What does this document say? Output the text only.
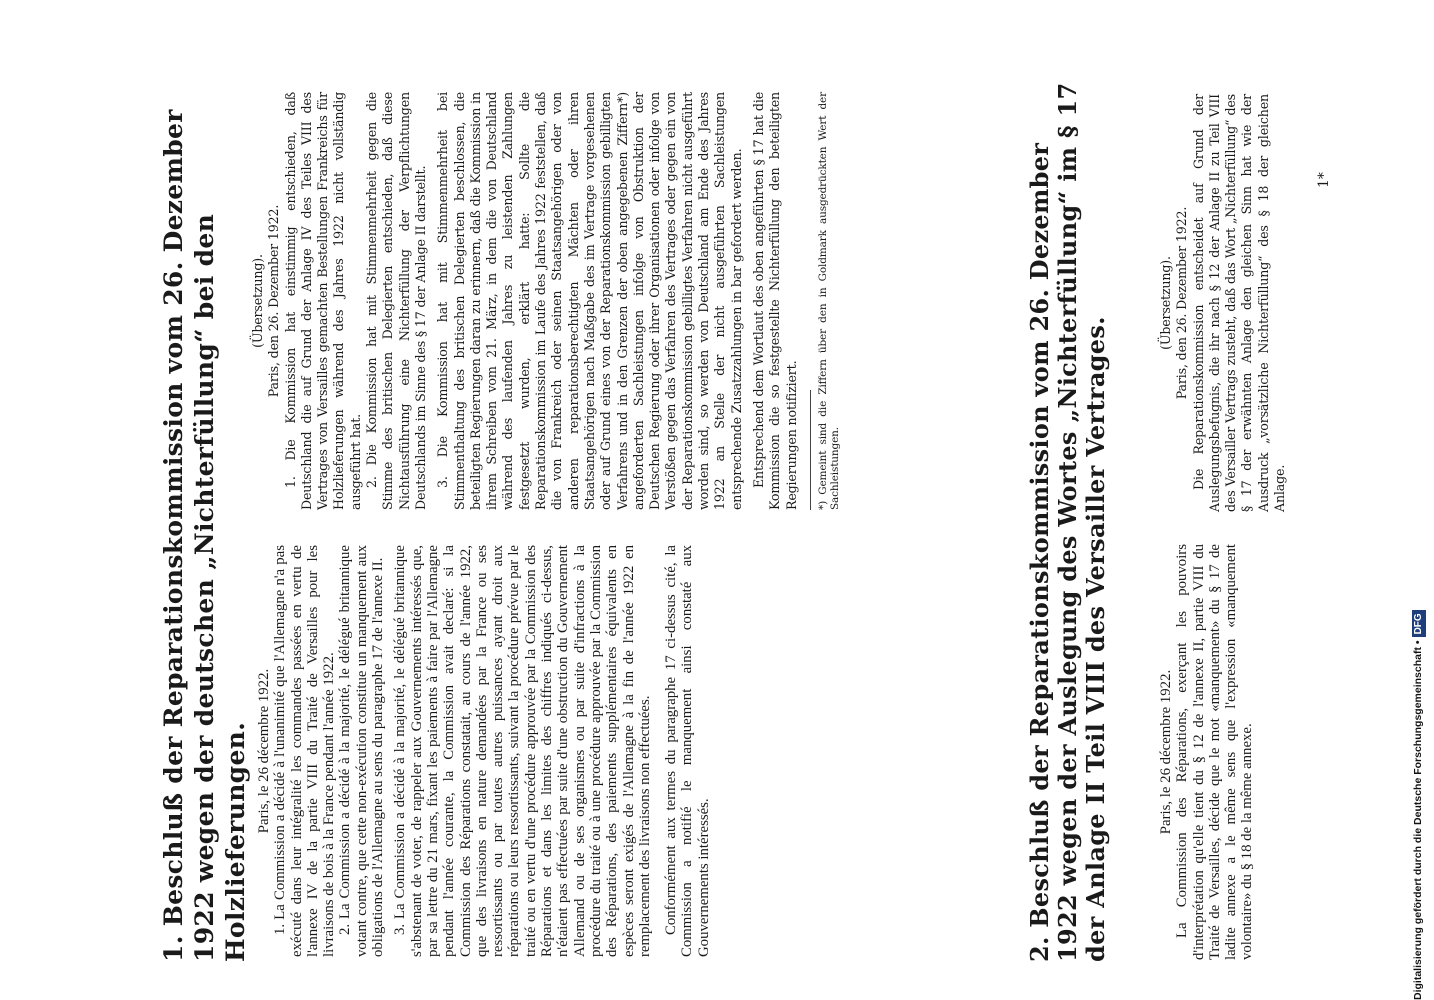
1. Beschluß der Reparationskommission vom 26. Dezember 1922 wegen der deutschen „Nichterfüllung“ bei den Holzlieferungen. Paris, le 26 décembre 1922. 1. La Commission a décidé à l'unanimité que l'Allemagne n'a pas exécuté dans leur intégralité les commandes passées en vertu de l'annexe IV de la partie VIII du Traité de Versailles pour les livraisons de bois à la France pendant l'année 1922. 2. La Commission a décidé à la majorité, le délégué britannique votant contre, que cette non-exécution constitue un manquement aux obligations de l'Allemagne au sens du paragraphe 17 de l'annexe II. 3. La Commission a décidé à la majorité, le délégué britannique s'abstenant de voter, de rappeler aux Gouvernements intéressés que, par sa lettre du 21 mars, fixant les paiements à faire par l'Allemagne pendant l'année courante, la Commission avait declaré: si la Commission des Réparations constatait, au cours de l'année 1922, que des livraisons en nature demandées par la France ou ses ressortissants ou par toutes autres puissances ayant droit aux réparations ou leurs ressortissants, suivant la procédure prévue par le traité ou en vertu d'une procédure approuvée par la Commission des Réparations et dans les limites des chiffres indiqués ci-dessus, n'étaient pas effectuées par suite d'une obstruction du Gouvernement Allemand ou de ses organismes ou par suite d'infractions à la procédure du traité ou à une procédure approuvée par la Commission des Réparations, des paiements supplémentaires équivalents en espèces seront exigés de l'Allemagne à la fin de l'année 1922 en remplacement des livraisons non effectuées. Conformément aux termes du paragraphe 17 ci-dessus cité, la Commission a notifié le manquement ainsi constaté aux Gouvernements intéressés.

(Übersetzung). Paris, den 26. Dezember 1922. 1. Die Kommission hat einstimmig entschieden, daß Deutschland die auf Grund der Anlage IV des Teiles VIII des Vertrages von Versailles gemachten Bestellungen Frankreichs für Holzlieferungen während des Jahres 1922 nicht vollständig ausgeführt hat. 2. Die Kommission hat mit Stimmenmehrheit gegen die Stimme des britischen Delegierten entschieden, daß diese Nichtausführung eine Nichterfüllung der Verpflichtungen Deutschlands im Sinne des § 17 der Anlage II darstellt. 3. Die Kommission hat mit Stimmenmehrheit bei Stimmenthaltung des britischen Delegierten beschlossen, die beteiligten Regierungen daran zu erinnern, daß die Kommission in ihrem Schreiben vom 21. März, in dem die von Deutschland während des laufenden Jahres zu leistenden Zahlungen festgesetzt wurden, erklärt hatte: Sollte die Reparationskommission im Laufe des Jahres 1922 feststellen, daß die von Frankreich oder seinen Staatsangehörigen oder von anderen reparationsberechtigten Mächten oder ihren Staatsangehörigen nach Maßgabe des im Vertrage vorgesehenen oder auf Grund eines von der Reparationskommission gebilligten Verfahrens und in den Grenzen der oben angegebenen Ziffern*) angeforderten Sachleistungen infolge von Obstruktion der Deutschen Regierung oder ihrer Organisationen oder infolge von Verstößen gegen das Verfahren des Vertrages oder gegen ein von der Reparationskommission gebilligtes Verfahren nicht ausgeführt worden sind, so werden von Deutschland am Ende des Jahres 1922 an Stelle der nicht ausgeführten Sachleistungen entsprechende Zusatzzahlungen in bar gefordert werden. Entsprechend dem Wortlaut des oben angeführten § 17 hat die Kommission die so festgestellte Nichterfüllung den beteiligten Regierungen notifiziert. *) Gemeint sind die Ziffern über den in Goldmark ausgedrückten Wert der Sachleistungen.	2. Beschluß der Reparationskommission vom 26. Dezember 1922 wegen der Auslegung des Wortes „Nichterfüllung“ im § 17 der Anlage II Teil VIII des Versailler Vertrages.	Paris, le 26 décembre 1922. La Commission des Réparations, exerçant les pouvoirs d'interprétation qu'elle tient du § 12 de l'annexe II, partie VIII du Traité de Versailles, décide que le mot «manquement» du § 17 de ladite annexe a le même sens que l'expression «manquement volontaire» du § 18 de la même annexe.

(Übersetzung). Paris, den 26. Dezember 1922. Die Reparationskommission entscheidet auf Grund der Auslegungsbefugnis, die ihr nach § 12 der Anlage II zu Teil VIII des Versailler Vertrags zusteht, daß das Wort „Nichterfüllung“ des § 17 der erwähnten Anlage den gleichen Sinn hat wie der Ausdruck „vorsätzliche Nichterfüllung“ des § 18 der gleichen Anlage.

1*
Digitalisierung gefördert durch die Deutsche Forschungsgemeinschaft •DFG
